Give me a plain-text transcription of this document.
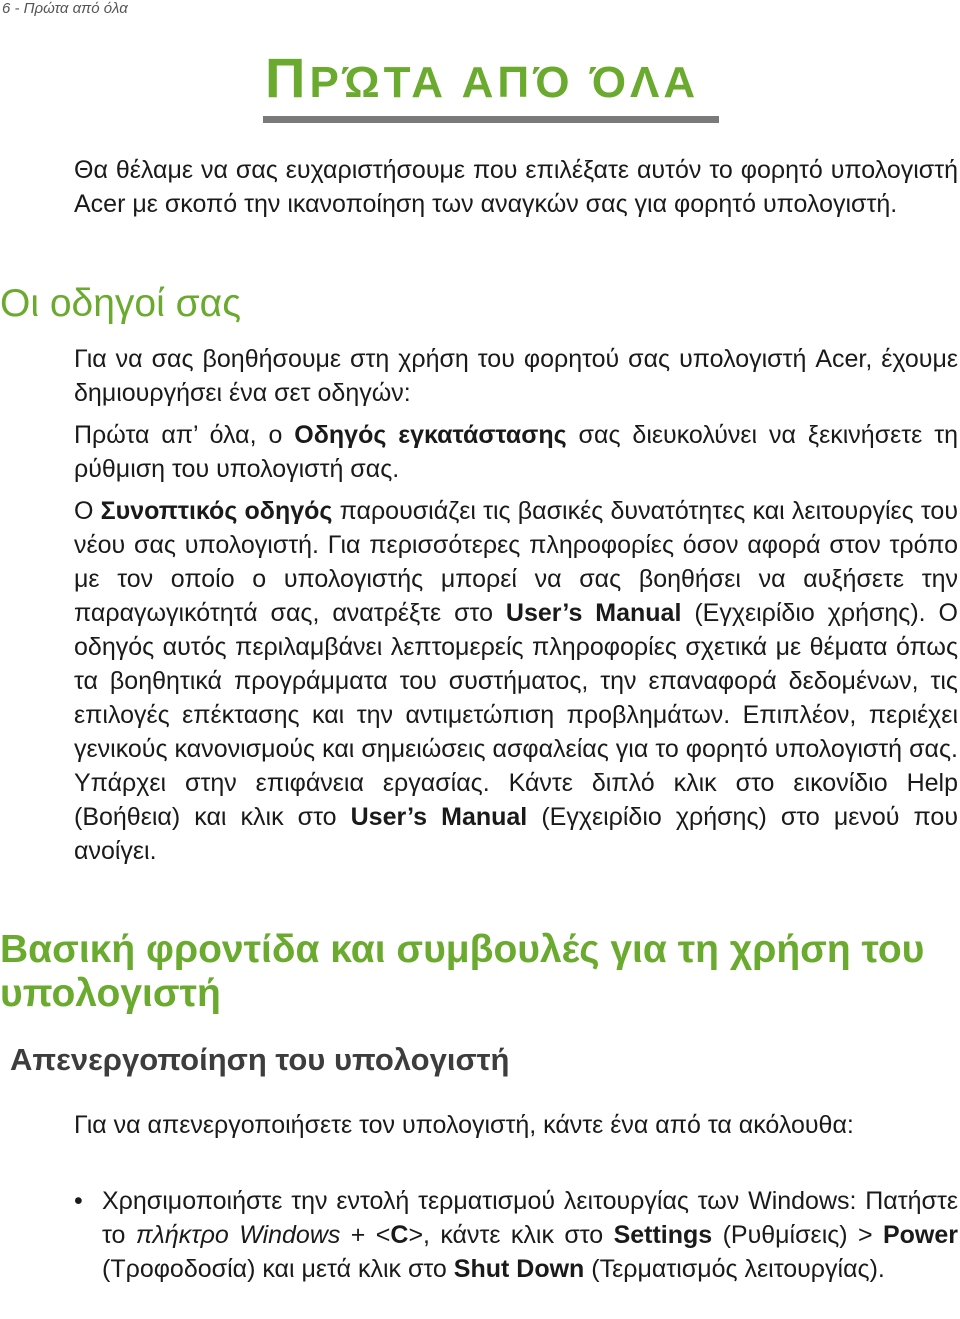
6 - Πρώτα από όλα
ΠΡΏΤΑ ΑΠΌ ΌΛΑ

Θα θέλαμε να σας ευχαριστήσουμε που επιλέξατε αυτόν το φορητό υπολογιστή Acer με σκοπό την ικανοποίηση των αναγκών σας για φορητό υπολογιστή.

Οι οδηγοί σας

Για να σας βοηθήσουμε στη χρήση του φορητού σας υπολογιστή Acer, έχουμε δημιουργήσει ένα σετ οδηγών:

Πρώτα απ’ όλα, ο Οδηγός εγκατάστασης σας διευκολύνει να ξεκινήσετε τη ρύθμιση του υπολογιστή σας.

Ο Συνοπτικός οδηγός παρουσιάζει τις βασικές δυνατότητες και λειτουργίες του νέου σας υπολογιστή. Για περισσότερες πληροφορίες όσον αφορά στον τρόπο με τον οποίο ο υπολογιστής μπορεί να σας βοηθήσει να αυξήσετε την παραγωγικότητά σας, ανατρέξτε στο User’s Manual (Εγχειρίδιο χρήσης). Ο οδηγός αυτός περιλαμβάνει λεπτομερείς πληροφορίες σχετικά με θέματα όπως τα βοηθητικά προγράμματα του συστήματος, την επαναφορά δεδομένων, τις επιλογές επέκτασης και την αντιμετώπιση προβλημάτων. Επιπλέον, περιέχει γενικούς κανονισμούς και σημειώσεις ασφαλείας για το φορητό υπολογιστή σας. Υπάρχει στην επιφάνεια εργασίας. Κάντε διπλό κλικ στο εικονίδιο Help (Βοήθεια) και κλικ στο User’s Manual (Εγχειρίδιο χρήσης) στο μενού που ανοίγει.

Βασική φροντίδα και συμβουλές για τη χρήση του υπολογιστή
Απενεργοποίηση του υπολογιστή

Για να απενεργοποιήσετε τον υπολογιστή, κάντε ένα από τα ακόλουθα:

• Χρησιμοποιήστε την εντολή τερματισμού λειτουργίας των Windows: Πατήστε το πλήκτρο Windows + <C>, κάντε κλικ στο Settings (Ρυθμίσεις) > Power (Τροφοδοσία) και μετά κλικ στο Shut Down (Τερματισμός λειτουργίας).
